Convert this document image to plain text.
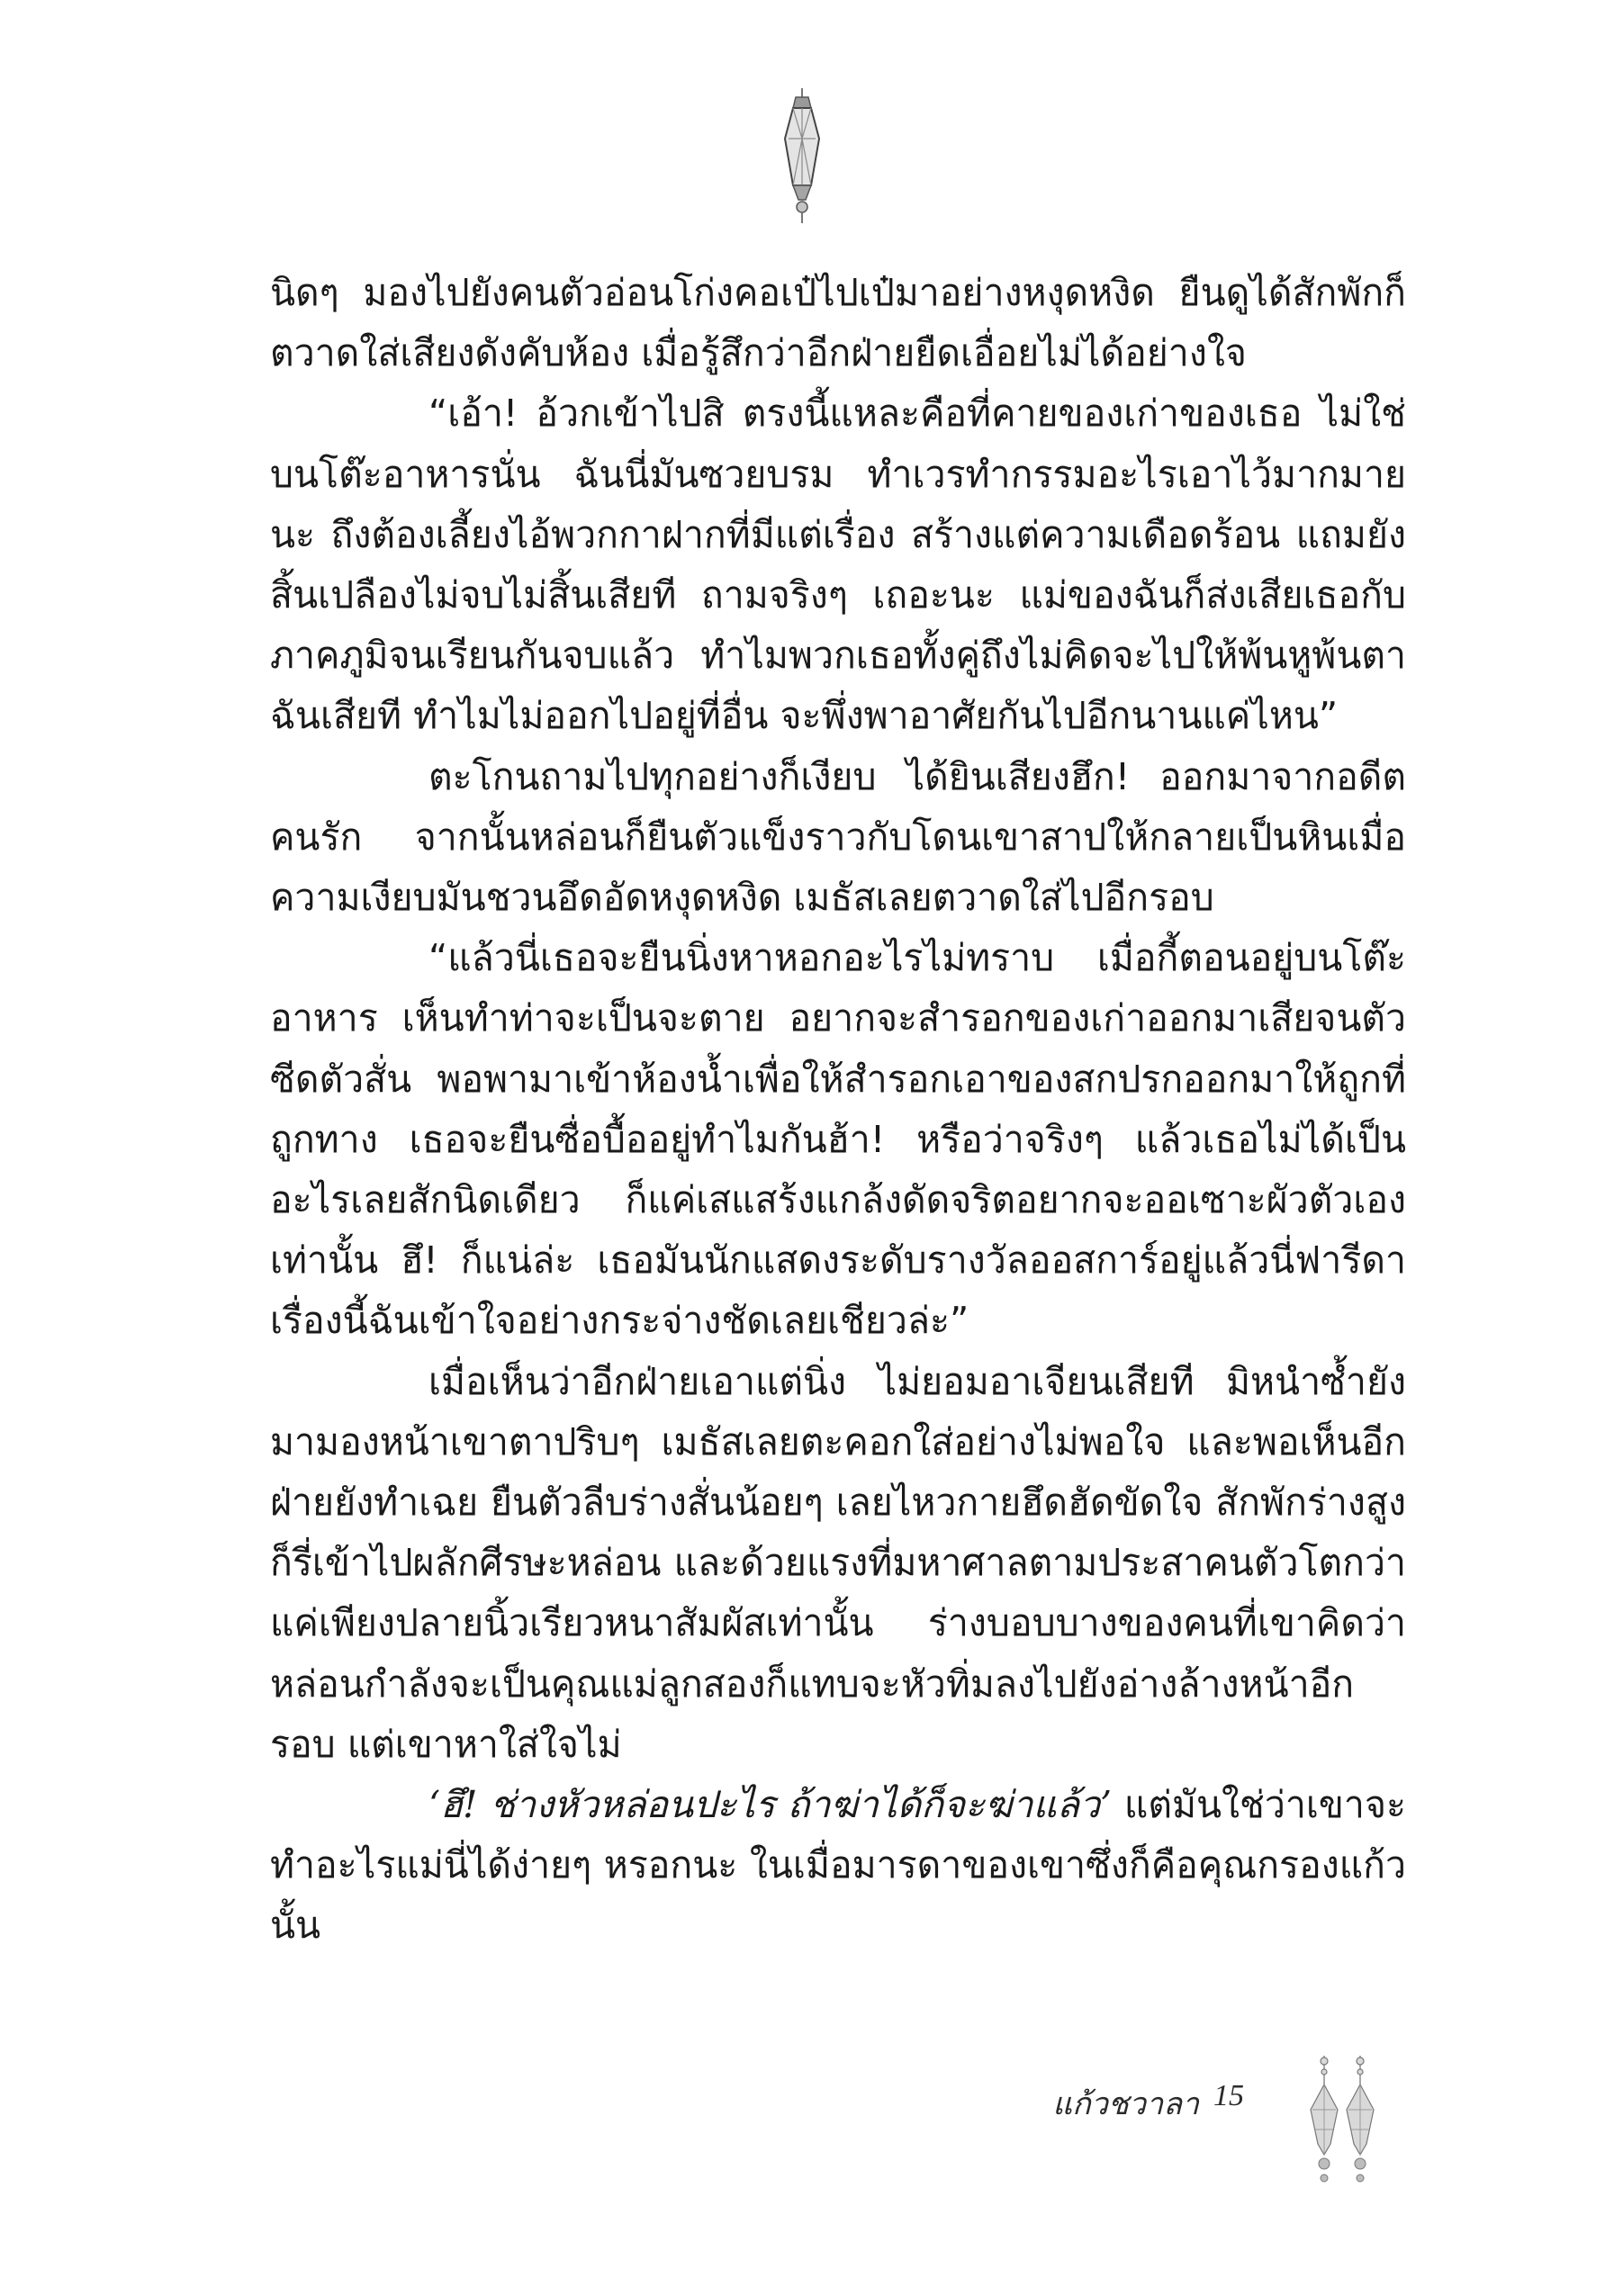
นิดๆ มองไปยังคนตัวอ่อนโก่งคอเป๋ไปเป๋มาอย่างหงุดหงิด ยืนดูได้สักพักก็ตวาดใส่เสียงดังคับห้อง เมื่อรู้สึกว่าอีกฝ่ายยืดเอื่อยไม่ได้อย่างใจ

“เอ้า! อ้วกเข้าไปสิ ตรงนี้แหละคือที่คายของเก่าของเธอ ไม่ใช่บนโต๊ะอาหารนั่น ฉันนี่มันซวยบรม ทำเวรทำกรรมอะไรเอาไว้มากมายนะ ถึงต้องเลี้ยงไอ้พวกกาฝากที่มีแต่เรื่อง สร้างแต่ความเดือดร้อน แถมยังสิ้นเปลืองไม่จบไม่สิ้นเสียที ถามจริงๆ เถอะนะ แม่ของฉันก็ส่งเสียเธอกับภาคภูมิจนเรียนกันจบแล้ว ทำไมพวกเธอทั้งคู่ถึงไม่คิดจะไปให้พ้นหูพ้นตาฉันเสียที ทำไมไม่ออกไปอยู่ที่อื่น จะพึ่งพาอาศัยกันไปอีกนานแค่ไหน”

ตะโกนถามไปทุกอย่างก็เงียบ ได้ยินเสียงฮึก! ออกมาจากอดีตคนรัก จากนั้นหล่อนก็ยืนตัวแข็งราวกับโดนเขาสาปให้กลายเป็นหินเมื่อความเงียบมันชวนอึดอัดหงุดหงิด เมธัสเลยตวาดใส่ไปอีกรอบ

“แล้วนี่เธอจะยืนนิ่งหาหอกอะไรไม่ทราบ เมื่อกี้ตอนอยู่บนโต๊ะอาหาร เห็นทำท่าจะเป็นจะตาย อยากจะสำรอกของเก่าออกมาเสียจนตัวซีดตัวสั่น พอพามาเข้าห้องน้ำเพื่อให้สำรอกเอาของสกปรกออกมาให้ถูกที่ถูกทาง เธอจะยืนซื่อบื้ออยู่ทำไมกันฮ้า! หรือว่าจริงๆ แล้วเธอไม่ได้เป็นอะไรเลยสักนิดเดียว ก็แค่เสแสร้งแกล้งดัดจริตอยากจะออเซาะผัวตัวเองเท่านั้น ฮึ! ก็แน่ล่ะ เธอมันนักแสดงระดับรางวัลออสการ์อยู่แล้วนี่ฟารีดา เรื่องนี้ฉันเข้าใจอย่างกระจ่างชัดเลยเชียวล่ะ”

เมื่อเห็นว่าอีกฝ่ายเอาแต่นิ่ง ไม่ยอมอาเจียนเสียที มิหนำซ้ำยังมามองหน้าเขาตาปริบๆ เมธัสเลยตะคอกใส่อย่างไม่พอใจ และพอเห็นอีกฝ่ายยังทำเฉย ยืนตัวลีบร่างสั่นน้อยๆ เลยไหวกายฮึดฮัดขัดใจ สักพักร่างสูงก็รี่เข้าไปผลักศีรษะหล่อน และด้วยแรงที่มหาศาลตามประสาคนตัวโตกว่า แค่เพียงปลายนิ้วเรียวหนาสัมผัสเท่านั้น ร่างบอบบางของคนที่เขาคิดว่าหล่อนกำลังจะเป็นคุณแม่ลูกสองก็แทบจะหัวทิ่มลงไปยังอ่างล้างหน้าอีกรอบ แต่เขาหาใส่ใจไม่

‘ฮึ! ช่างหัวหล่อนปะไร ถ้าฆ่าได้ก็จะฆ่าแล้ว’ แต่มันใช่ว่าเขาจะทำอะไรแม่นี่ได้ง่ายๆ หรอกนะ ในเมื่อมารดาของเขาซึ่งก็คือคุณกรองแก้วนั้น

แก้วชวาลา 15
